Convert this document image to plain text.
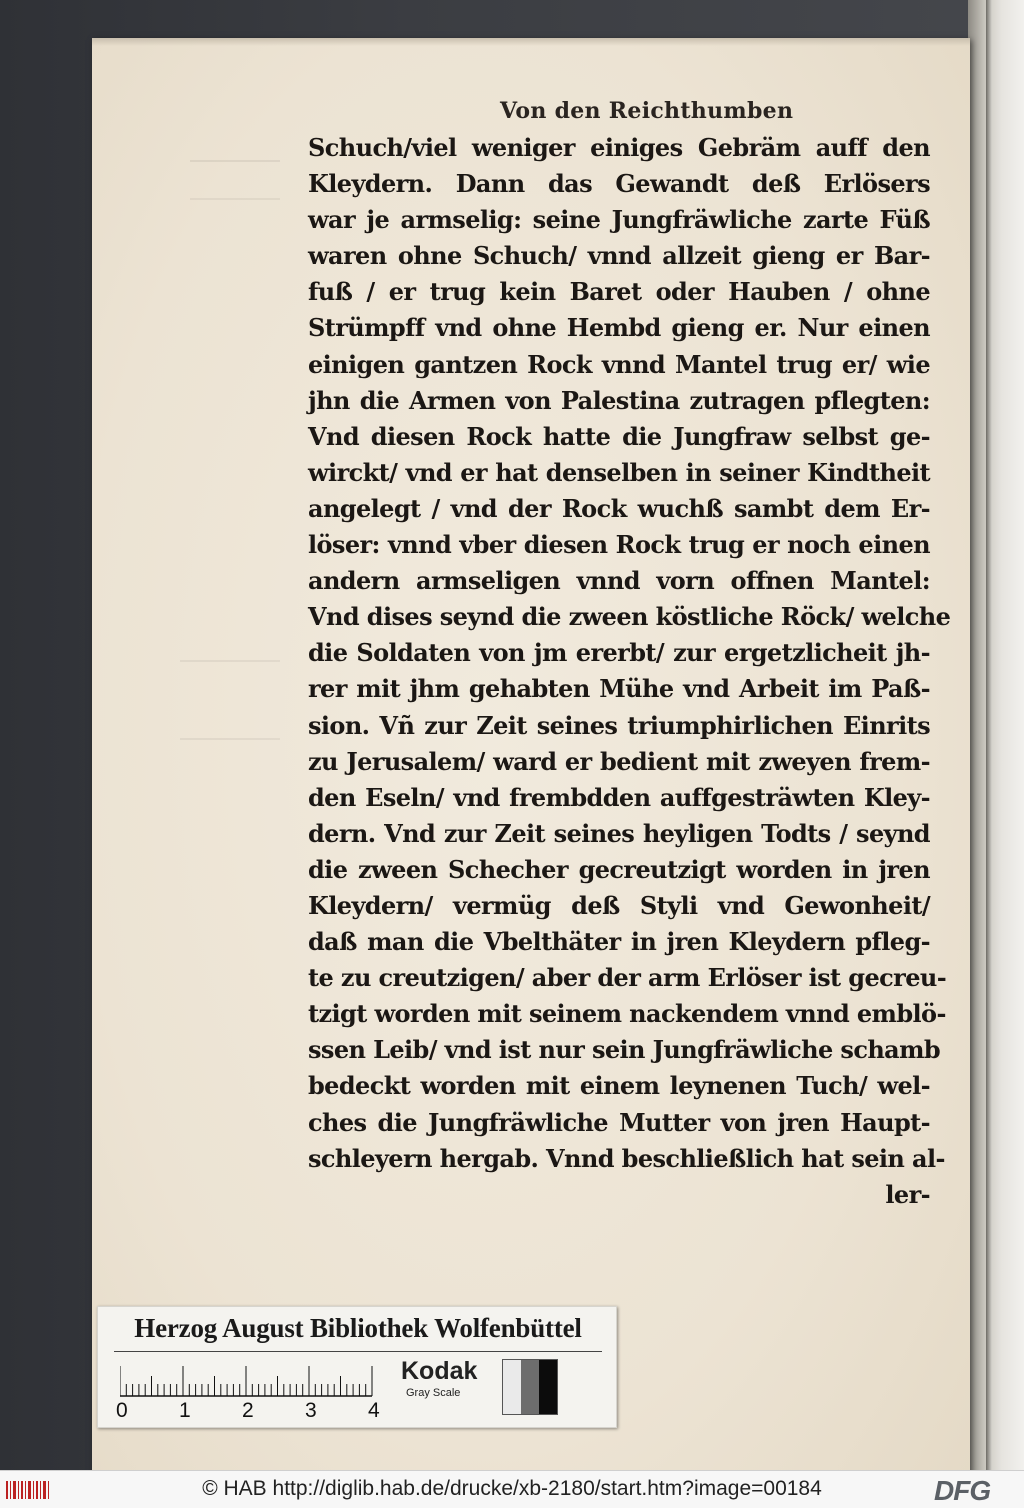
Von den Reichthumben
Schuch/viel weniger einiges Gebräm auff den
Kleydern. Dann das Gewandt deß Erlösers
war je armselig: seine Jungfräwliche zarte Füß
waren ohne Schuch/ vnnd allzeit gieng er Bar-
fuß / er trug kein Baret oder Hauben / ohne
Strümpff vnd ohne Hembd gieng er. Nur einen
einigen gantzen Rock vnnd Mantel trug er/ wie
jhn die Armen von Palestina zutragen pflegten:
Vnd diesen Rock hatte die Jungfraw selbst ge-
wirckt/ vnd er hat denselben in seiner Kindtheit
angelegt / vnd der Rock wuchß sambt dem Er-
löser: vnnd vber diesen Rock trug er noch einen
andern armseligen vnnd vorn offnen Mantel:
Vnd dises seynd die zween köstliche Röck/ welche
die Soldaten von jm ererbt/ zur ergetzlicheit jh-
rer mit jhm gehabten Mühe vnd Arbeit im Paß-
sion. Vñ zur Zeit seines triumphirlichen Einrits
zu Jerusalem/ ward er bedient mit zweyen frem-
den Eseln/ vnd frembdden auffgesträwten Kley-
dern. Vnd zur Zeit seines heyligen Todts / seynd
die zween Schecher gecreutzigt worden in jren
Kleydern/ vermüg deß Styli vnd Gewonheit/
daß man die Vbelthäter in jren Kleydern pfleg-
te zu creutzigen/ aber der arm Erlöser ist gecreu-
tzigt worden mit seinem nackendem vnnd emblö-
ssen Leib/ vnd ist nur sein Jungfräwliche schamb
bedeckt worden mit einem leynenen Tuch/ wel-
ches die Jungfräwliche Mutter von jren Haupt-
schleyern hergab. Vnnd beschließlich hat sein al-
ler-
Herzog August Bibliothek Wolfenbüttel
0 1 2 3 4
Kodak
Gray Scale
© HAB http://diglib.hab.de/drucke/xb-2180/start.htm?image=00184	DFG
